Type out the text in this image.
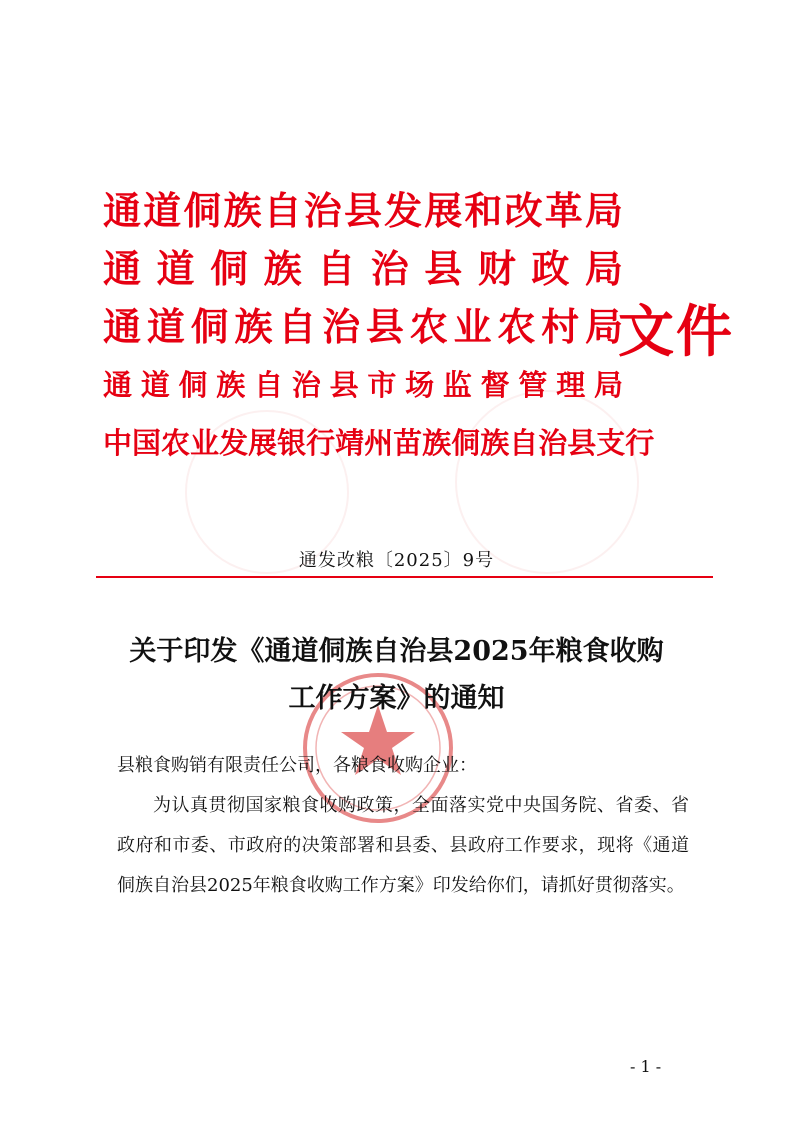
通 道 侗 族 自 治 县 发 展 和 改 革 局
通 道 侗 族 自 治 县 财 政 局
通 道 侗 族 自 治 县 农 业 农 村 局
通 道 侗 族 自 治 县 市 场 监 督 管 理 局
中 国 农 业 发 展 银 行 靖 州 苗 族 侗 族 自 治 县 支 行
文件
通发改粮〔2025〕9号
关于印发《通道侗族自治县2025年粮食收购
工作方案》的通知

县粮食购销有限责任公司，各粮食收购企业：

为认真贯彻国家粮食收购政策，全面落实党中央国务院、省委、省政府和市委、市政府的决策部署和县委、县政府工作要求，现将《通道侗族自治县2025年粮食收购工作方案》印发给你们，请抓好贯彻落实。

- 1 -
